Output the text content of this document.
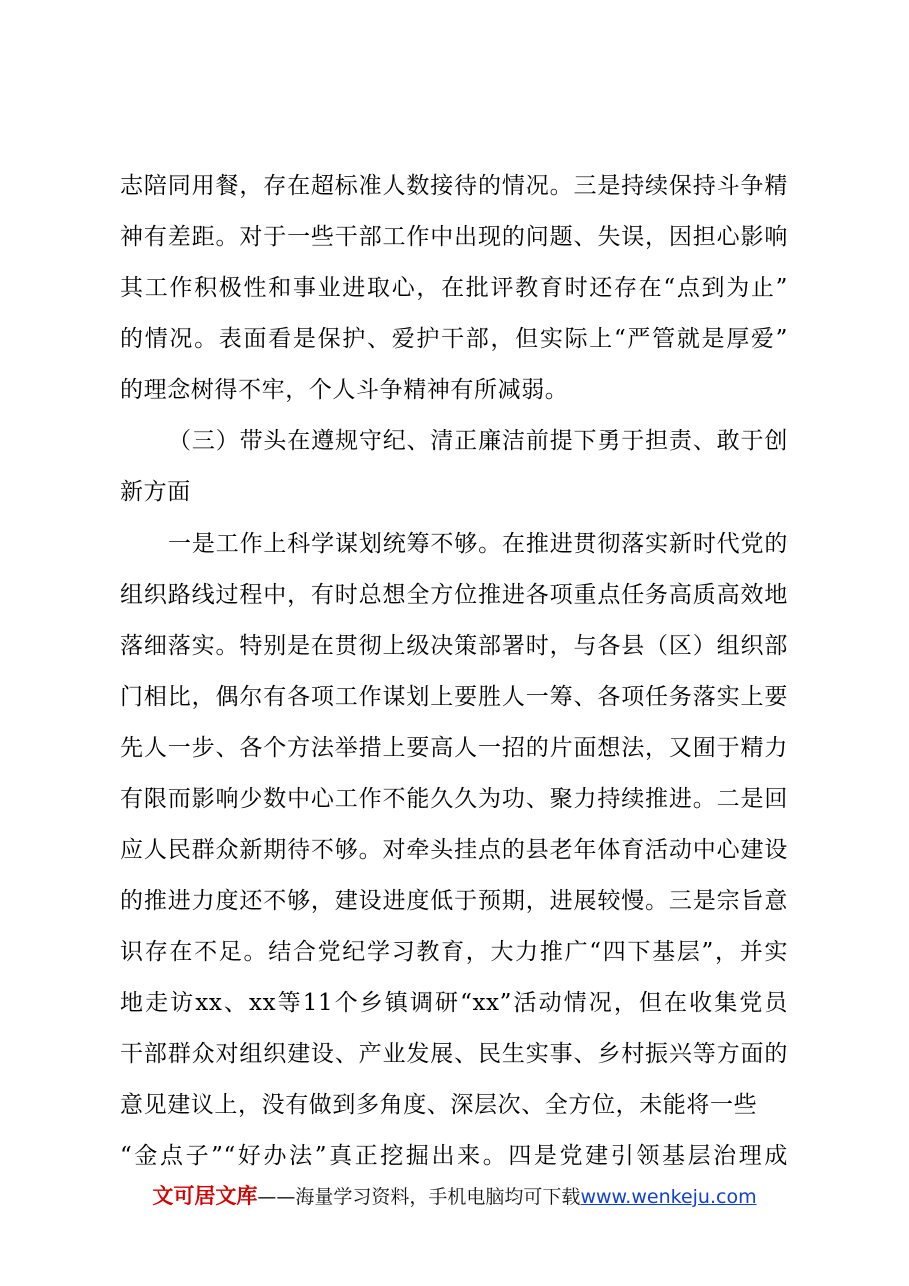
志陪同用餐，存在超标准人数接待的情况。三是持续保持斗争精
神有差距。对于一些干部工作中出现的问题、失误，因担心影响
其工作积极性和事业进取心，在批评教育时还存在“点到为止”
的情况。表面看是保护、爱护干部，但实际上“严管就是厚爱”
的理念树得不牢，个人斗争精神有所减弱。
（三）带头在遵规守纪、清正廉洁前提下勇于担责、敢于创
新方面
一是工作上科学谋划统筹不够。在推进贯彻落实新时代党的
组织路线过程中，有时总想全方位推进各项重点任务高质高效地
落细落实。特别是在贯彻上级决策部署时，与各县（区）组织部
门相比，偶尔有各项工作谋划上要胜人一筹、各项任务落实上要
先人一步、各个方法举措上要高人一招的片面想法，又囿于精力
有限而影响少数中心工作不能久久为功、聚力持续推进。二是回
应人民群众新期待不够。对牵头挂点的县老年体育活动中心建设
的推进力度还不够，建设进度低于预期，进展较慢。三是宗旨意
识存在不足。结合党纪学习教育，大力推广“四下基层”，并实
地走访xx、xx等11个乡镇调研“xx”活动情况，但在收集党员
干部群众对组织建设、产业发展、民生实事、乡村振兴等方面的
意见建议上，没有做到多角度、深层次、全方位，未能将一些
“金点子”“好办法”真正挖掘出来。四是党建引领基层治理成
文可居文库——海量学习资料，手机电脑均可下载www.wenkeju.com
